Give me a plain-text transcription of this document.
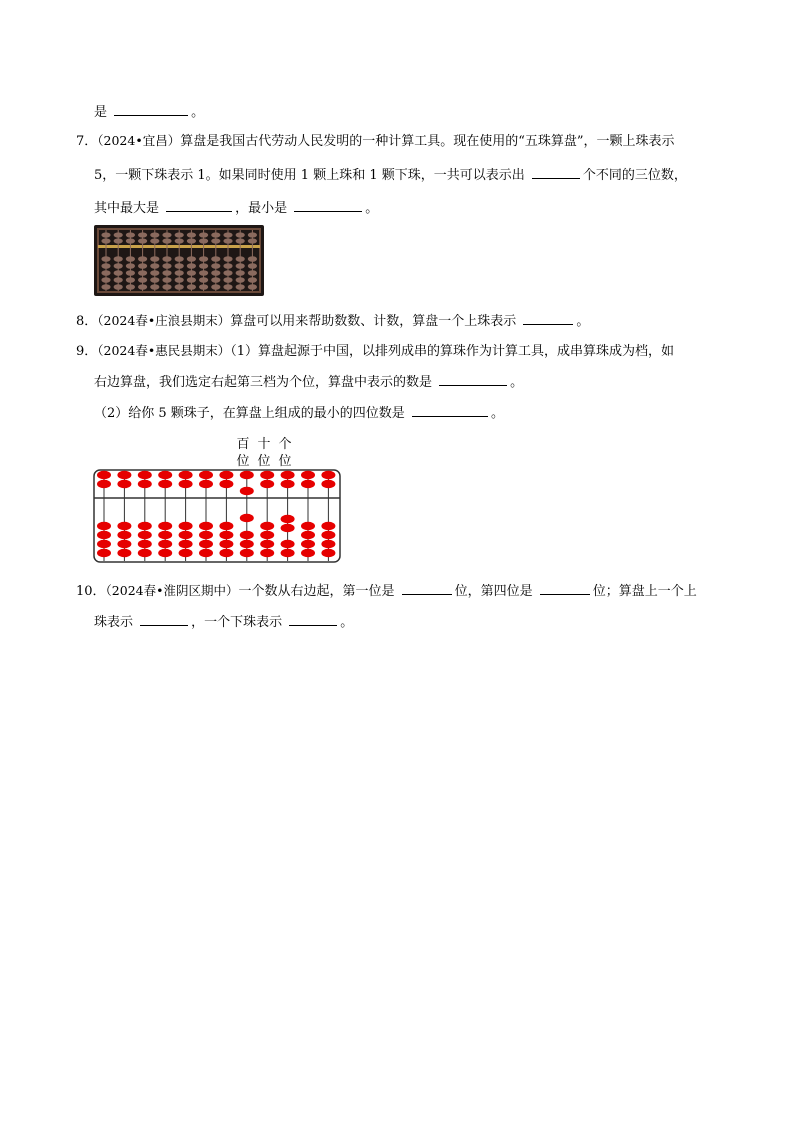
是	。
7．（2024•宜昌）算盘是我国古代劳动人民发明的一种计算工具。现在使用的“五珠算盘”，一颗上珠表示
5，一颗下珠表示 1。如果同时使用 1 颗上珠和 1 颗下珠，一共可以表示出	个不同的三位数，
其中最大是	，最小是	。
8．（2024春•庄浪县期末）算盘可以用来帮助数数、计数，算盘一个上珠表示	。
9．（2024春•惠民县期末）（1）算盘起源于中国，以排列成串的算珠作为计算工具，成串算珠成为档，如
右边算盘，我们选定右起第三档为个位，算盘中表示的数是	。
（2）给你 5 颗珠子，在算盘上组成的最小的四位数是	。
百
位
十
位
个
位
10．（2024春•淮阴区期中）一个数从右边起，第一位是	位，第四位是	位；算盘上一个上
珠表示	，一个下珠表示	。
